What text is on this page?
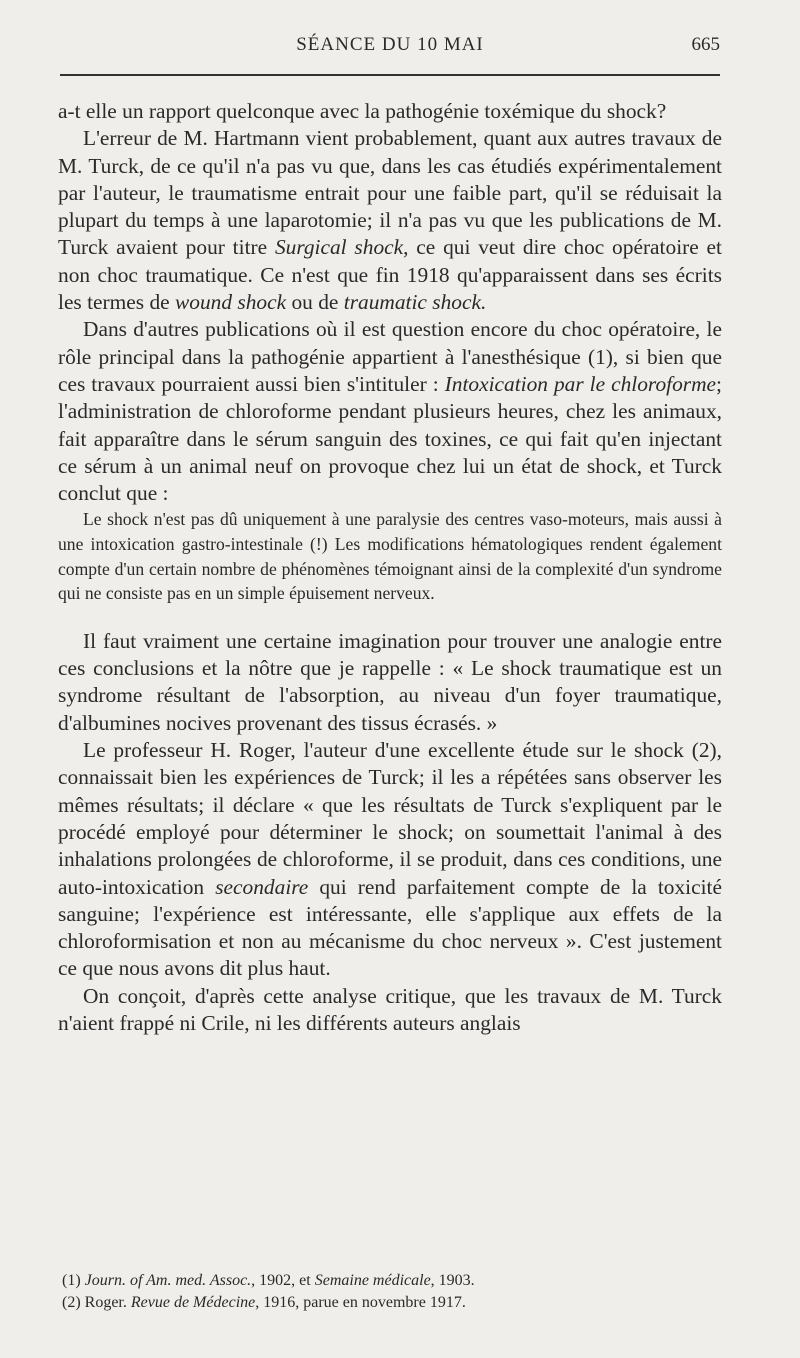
SÉANCE DU 10 MAI	665

a-t elle un rapport quelconque avec la pathogénie toxémique du shock?

L'erreur de M. Hartmann vient probablement, quant aux autres travaux de M. Turck, de ce qu'il n'a pas vu que, dans les cas étudiés expérimentalement par l'auteur, le traumatisme entrait pour une faible part, qu'il se réduisait la plupart du temps à une laparotomie; il n'a pas vu que les publications de M. Turck avaient pour titre Surgical shock, ce qui veut dire choc opératoire et non choc traumatique. Ce n'est que fin 1918 qu'apparaissent dans ses écrits les termes de wound shock ou de traumatic shock.

Dans d'autres publications où il est question encore du choc opératoire, le rôle principal dans la pathogénie appartient à l'anesthésique (1), si bien que ces travaux pourraient aussi bien s'intituler : Intoxication par le chloroforme; l'administration de chloroforme pendant plusieurs heures, chez les animaux, fait apparaître dans le sérum sanguin des toxines, ce qui fait qu'en injectant ce sérum à un animal neuf on provoque chez lui un état de shock, et Turck conclut que :

Le shock n'est pas dû uniquement à une paralysie des centres vaso-moteurs, mais aussi à une intoxication gastro-intestinale (!) Les modifications hématologiques rendent également compte d'un certain nombre de phénomènes témoignant ainsi de la complexité d'un syndrome qui ne consiste pas en un simple épuisement nerveux.

Il faut vraiment une certaine imagination pour trouver une analogie entre ces conclusions et la nôtre que je rappelle : « Le shock traumatique est un syndrome résultant de l'absorption, au niveau d'un foyer traumatique, d'albumines nocives provenant des tissus écrasés. »

Le professeur H. Roger, l'auteur d'une excellente étude sur le shock (2), connaissait bien les expériences de Turck; il les a répétées sans observer les mêmes résultats; il déclare « que les résultats de Turck s'expliquent par le procédé employé pour déterminer le shock; on soumettait l'animal à des inhalations prolongées de chloroforme, il se produit, dans ces conditions, une auto-intoxication secondaire qui rend parfaitement compte de la toxicité sanguine; l'expérience est intéressante, elle s'applique aux effets de la chloroformisation et non au mécanisme du choc nerveux ». C'est justement ce que nous avons dit plus haut.

On conçoit, d'après cette analyse critique, que les travaux de M. Turck n'aient frappé ni Crile, ni les différents auteurs anglais

(1) Journ. of Am. med. Assoc., 1902, et Semaine médicale, 1903.

(2) Roger. Revue de Médecine, 1916, parue en novembre 1917.
